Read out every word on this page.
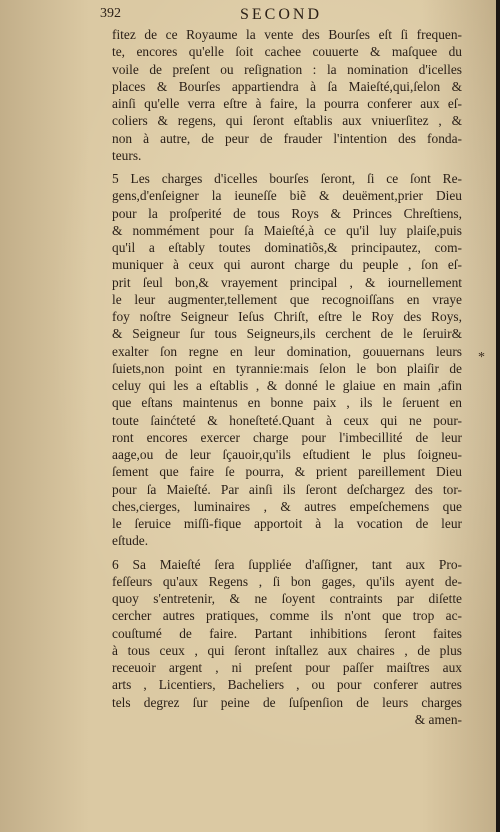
392	SECOND
fitez de ce Royaume la vente des Bourſes eſt ſi frequen-
te, encores qu'elle ſoit cachee couuerte & maſquee du
voile de preſent ou reſignation : la nomination d'icelles
places & Bourſes appartiendra à ſa Maieſté,qui,ſelon &
ainſi qu'elle verra eſtre à faire, la pourra conferer aux eſ-
coliers & regens, qui ſeront eſtablis aux vniuerſitez , &
non à autre, de peur de frauder l'intention des fonda-
teurs.
5 Les charges d'icelles bourſes ſeront, ſi ce ſont Re-
gens,d'enſeigner la ieuneſſe biẽ & deuëment,prier Dieu
pour la proſperité de tous Roys & Princes Chreſtiens,
& nommément pour ſa Maieſté,à ce qu'il luy plaiſe,puis
qu'il a eſtably toutes dominatiõs,& principautez, com-
muniquer à ceux qui auront charge du peuple , ſon eſ-
prit ſeul bon,& vrayement principal , & iournellement
le leur augmenter,tellement que recognoiſſans en vraye
foy noſtre Seigneur Ieſus Chriſt, eſtre le Roy des Roys,
& Seigneur ſur tous Seigneurs,ils cerchent de le ſeruir&
exalter ſon regne en leur domination, gouuernans leurs
ſuiets,non point en tyrannie:mais ſelon le bon plaiſir de
celuy qui les a eſtablis , & donné le glaiue en main ,afin
que eſtans maintenus en bonne paix , ils le ſeruent en
toute ſainćteté & honeſteté.Quant à ceux qui ne pour-
ront encores exercer charge pour l'imbecillité de leur
aage,ou de leur ſçauoir,qu'ils eſtudient le plus ſoigneu-
ſement que faire ſe pourra, & prient pareillement Dieu
pour ſa Maieſté. Par ainſi ils ſeront deſchargez des tor-
ches,cierges, luminaires , & autres empeſchemens que
le ſeruice miſſi-fique apportoit à la vocation de leur
eſtude.
6 Sa Maieſté ſera ſuppliée d'aſſigner, tant aux Pro-
feſſeurs qu'aux Regens , ſi bon gages, qu'ils ayent de-
quoy s'entretenir, & ne ſoyent contraints par diſette
cercher autres pratiques, comme ils n'ont que trop ac-
couſtumé de faire. Partant inhibitions ſeront faites
à tous ceux , qui ſeront inſtallez aux chaires , de plus
receuoir argent , ni preſent pour paſſer maiſtres aux
arts , Licentiers, Bacheliers , ou pour conferer autres
tels degrez ſur peine de ſuſpenſion de leurs charges
& amen-
*
